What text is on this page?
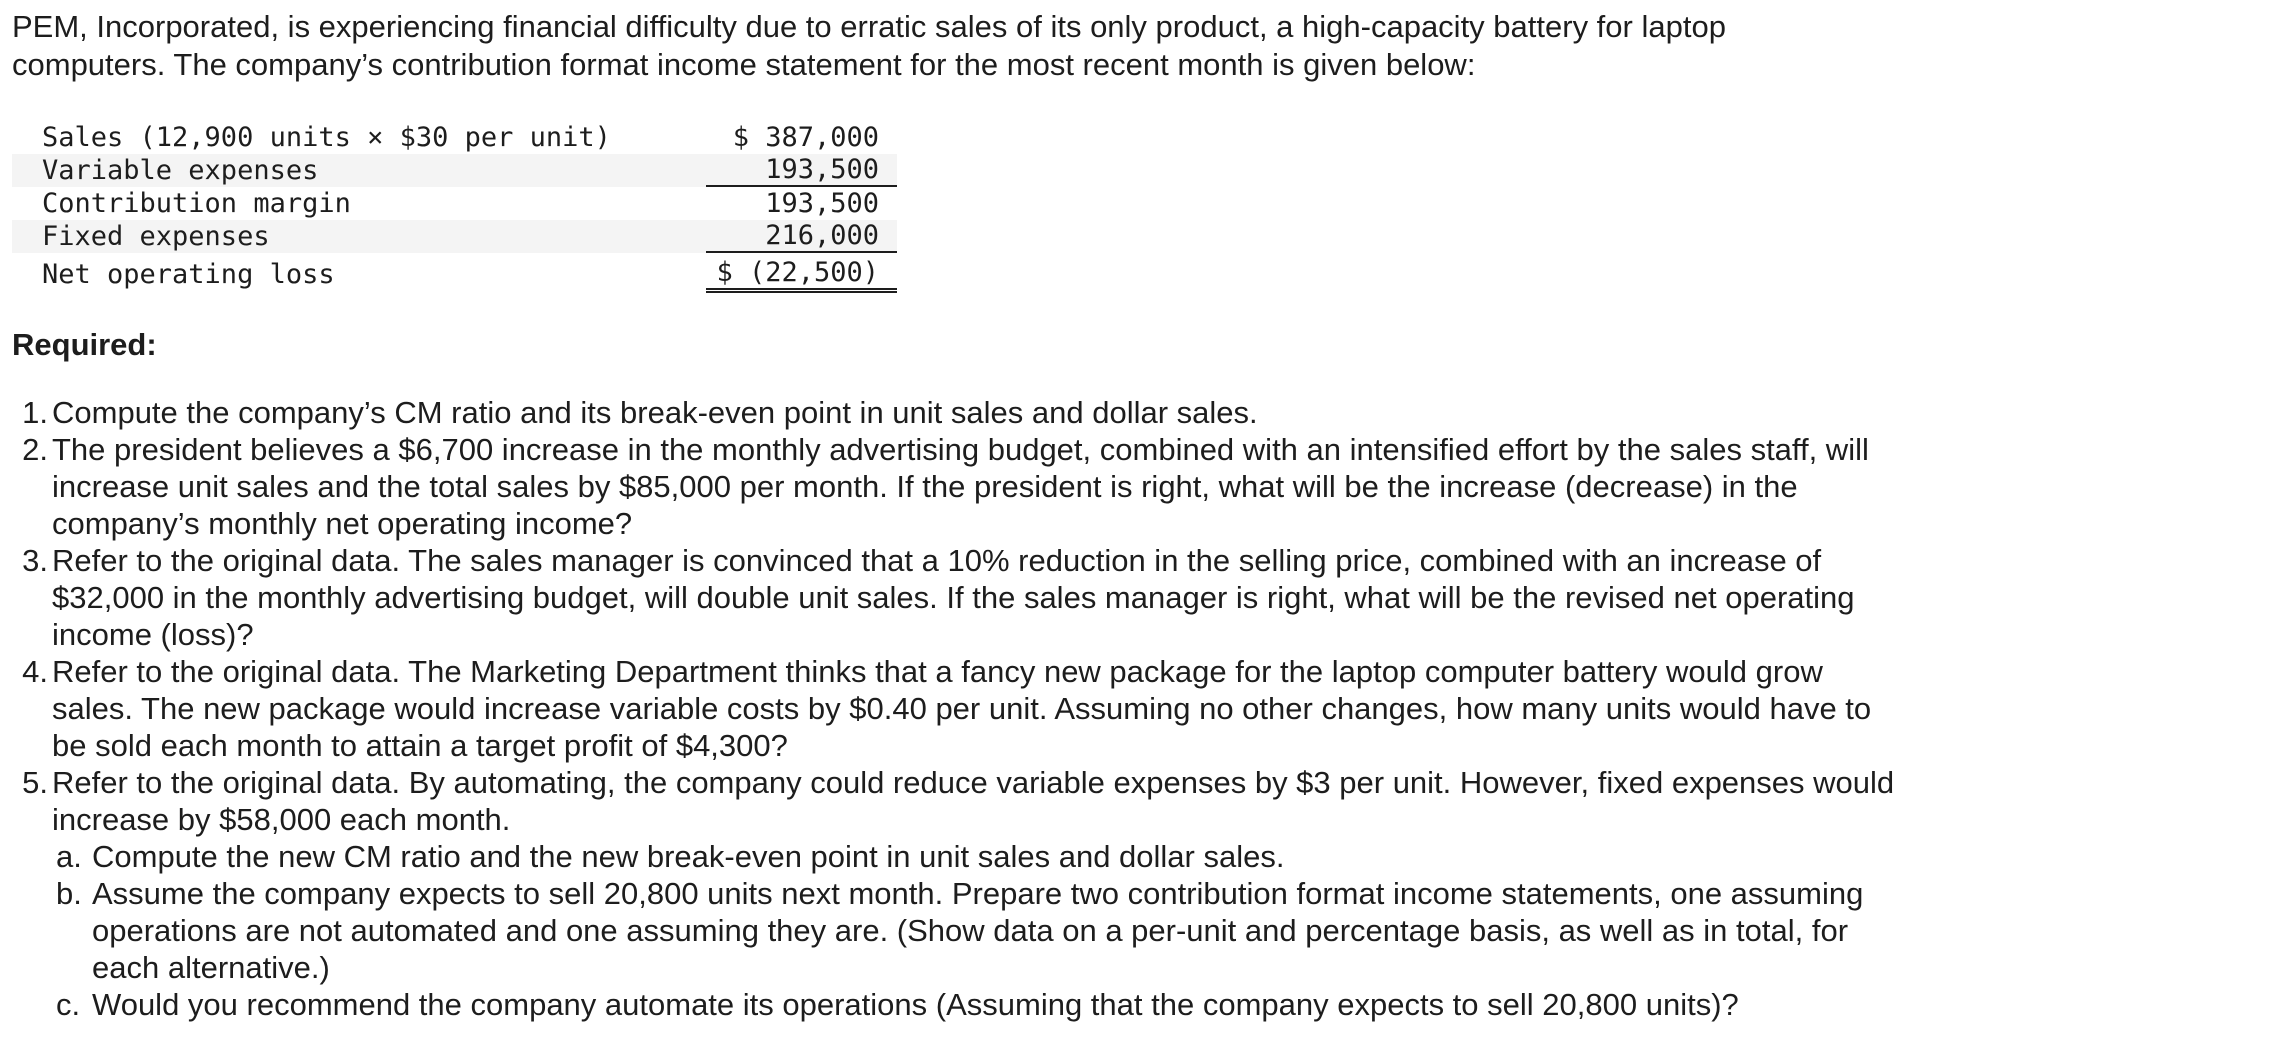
PEM, Incorporated, is experiencing financial difficulty due to erratic sales of its only product, a high-capacity battery for laptop computers. The company’s contribution format income statement for the most recent month is given below:

Sales (12,900 units × $30 per unit)	$ 387,000
Variable expenses	193,500
Contribution margin	193,500
Fixed expenses	216,000
Net operating loss	$ (22,500)
Required:
1. Compute the company’s CM ratio and its break-even point in unit sales and dollar sales.
2. The president believes a $6,700 increase in the monthly advertising budget, combined with an intensified effort by the sales staff, will increase unit sales and the total sales by $85,000 per month. If the president is right, what will be the increase (decrease) in the company’s monthly net operating income?
3. Refer to the original data. The sales manager is convinced that a 10% reduction in the selling price, combined with an increase of $32,000 in the monthly advertising budget, will double unit sales. If the sales manager is right, what will be the revised net operating income (loss)?
4. Refer to the original data. The Marketing Department thinks that a fancy new package for the laptop computer battery would grow sales. The new package would increase variable costs by $0.40 per unit. Assuming no other changes, how many units would have to be sold each month to attain a target profit of $4,300?
5. Refer to the original data. By automating, the company could reduce variable expenses by $3 per unit. However, fixed expenses would increase by $58,000 each month.
a. Compute the new CM ratio and the new break-even point in unit sales and dollar sales.
b. Assume the company expects to sell 20,800 units next month. Prepare two contribution format income statements, one assuming operations are not automated and one assuming they are. (Show data on a per-unit and percentage basis, as well as in total, for each alternative.)
c. Would you recommend the company automate its operations (Assuming that the company expects to sell 20,800 units)?
